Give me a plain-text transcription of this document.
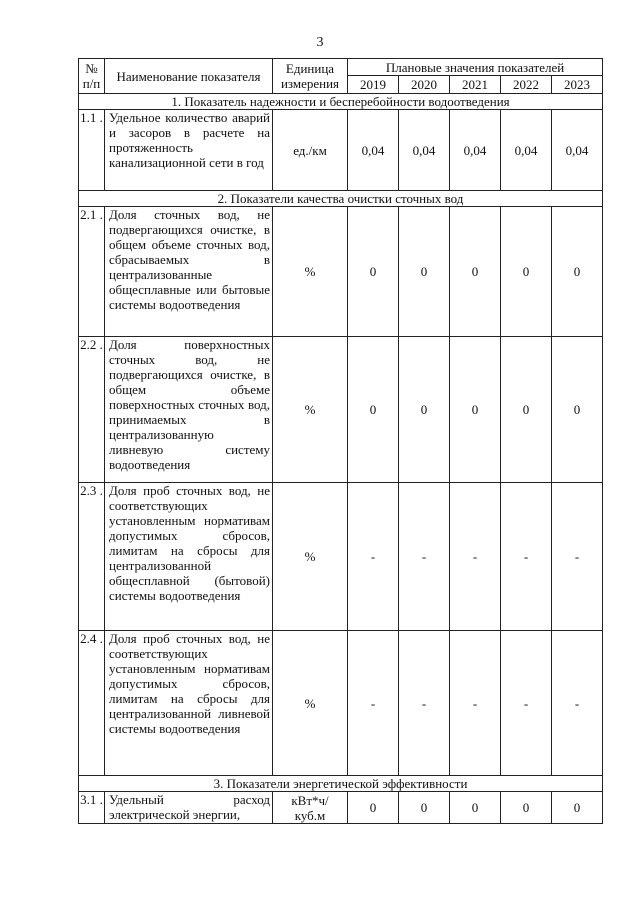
3
№ п/п	Наименование показателя	Единица измерения	Плановые значения показателей				
			2019	2020	2021	2022	2023
1. Показатель надежности и бесперебойности водоотведения							
1.1 .	Удельное количество аварий и засоров в расчете на протяженность канализационной сети в год	ед./км	0,04	0,04	0,04	0,04	0,04
2. Показатели качества очистки сточных вод							
2.1 .	Доля сточных вод, не подвергающихся очистке, в общем объеме сточных вод, сбрасываемых в централизованные общесплавные или бытовые системы водоотведения	%	0	0	0	0	0
2.2 .	Доля поверхностных сточных вод, не подвергающихся очистке, в общем объеме поверхностных сточных вод, принимаемых в централизованную ливневую систему водоотведения	%	0	0	0	0	0
2.3 .	Доля проб сточных вод, не соответствующих установленным нормативам допустимых сбросов, лимитам на сбросы для централизованной общесплавной (бытовой) системы водоотведения	%	-	-	-	-	-
2.4 .	Доля проб сточных вод, не соответствующих установленным нормативам допустимых сбросов, лимитам на сбросы для централизованной ливневой системы водоотведения	%	-	-	-	-	-
3. Показатели энергетической эффективности							
3.1 .	Удельный расход электрической энергии,	кВт*ч/ куб.м	0	0	0	0	0
